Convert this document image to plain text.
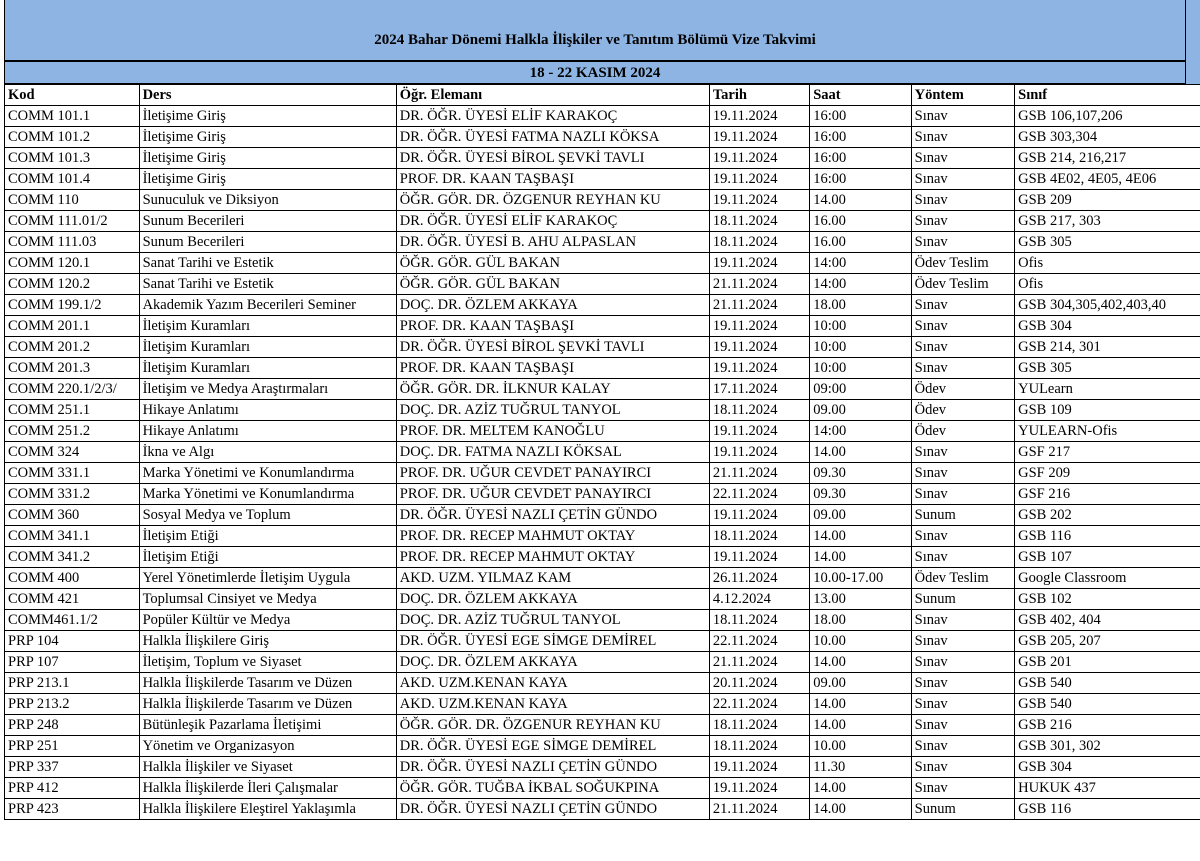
2024 Bahar Dönemi Halkla İlişkiler ve Tanıtım Bölümü Vize Takvimi
18 - 22 KASIM 2024
Kod	Ders	Öğr. Elemanı	Tarih	Saat	Yöntem	Sınıf
COMM 101.1	İletişime Giriş	DR. ÖĞR. ÜYESİ ELİF KARAKOÇ	19.11.2024	16:00	Sınav	GSB 106,107,206
COMM 101.2	İletişime Giriş	DR. ÖĞR. ÜYESİ FATMA NAZLI KÖKSA	19.11.2024	16:00	Sınav	GSB 303,304
COMM 101.3	İletişime Giriş	DR. ÖĞR. ÜYESİ BİROL ŞEVKİ TAVLI	19.11.2024	16:00	Sınav	GSB 214, 216,217
COMM 101.4	İletişime Giriş	PROF. DR. KAAN TAŞBAŞI	19.11.2024	16:00	Sınav	GSB 4E02, 4E05, 4E06
COMM 110	Sunuculuk ve Diksiyon	ÖĞR. GÖR. DR. ÖZGENUR REYHAN KU	19.11.2024	14.00	Sınav	GSB 209
COMM 111.01/2	Sunum Becerileri	DR. ÖĞR. ÜYESİ ELİF KARAKOÇ	18.11.2024	16.00	Sınav	GSB 217, 303
COMM 111.03	Sunum Becerileri	DR. ÖĞR. ÜYESİ B. AHU ALPASLAN	18.11.2024	16.00	Sınav	GSB 305
COMM 120.1	Sanat Tarihi ve Estetik	ÖĞR. GÖR. GÜL BAKAN	19.11.2024	14:00	Ödev Teslim	Ofis
COMM 120.2	Sanat Tarihi ve Estetik	ÖĞR. GÖR. GÜL BAKAN	21.11.2024	14:00	Ödev Teslim	Ofis
COMM 199.1/2	Akademik Yazım Becerileri Seminer	DOÇ. DR. ÖZLEM AKKAYA	21.11.2024	18.00	Sınav	GSB 304,305,402,403,40
COMM 201.1	İletişim Kuramları	PROF. DR. KAAN TAŞBAŞI	19.11.2024	10:00	Sınav	GSB 304
COMM 201.2	İletişim Kuramları	DR. ÖĞR. ÜYESİ BİROL ŞEVKİ TAVLI	19.11.2024	10:00	Sınav	GSB 214, 301
COMM 201.3	İletişim Kuramları	PROF. DR. KAAN TAŞBAŞI	19.11.2024	10:00	Sınav	GSB 305
COMM 220.1/2/3/	İletişim ve Medya Araştırmaları	ÖĞR. GÖR. DR. İLKNUR KALAY	17.11.2024	09:00	Ödev	YULearn
COMM 251.1	Hikaye Anlatımı	DOÇ. DR. AZİZ TUĞRUL TANYOL	18.11.2024	09.00	Ödev	GSB 109
COMM 251.2	Hikaye Anlatımı	PROF. DR. MELTEM KANOĞLU	19.11.2024	14:00	Ödev	YULEARN-Ofis
COMM 324	İkna ve Algı	DOÇ. DR. FATMA NAZLI KÖKSAL	19.11.2024	14.00	Sınav	GSF 217
COMM 331.1	Marka Yönetimi ve Konumlandırma	PROF. DR. UĞUR CEVDET PANAYIRCI	21.11.2024	09.30	Sınav	GSF 209
COMM 331.2	Marka Yönetimi ve Konumlandırma	PROF. DR. UĞUR CEVDET PANAYIRCI	22.11.2024	09.30	Sınav	GSF 216
COMM 360	Sosyal Medya ve Toplum	DR. ÖĞR. ÜYESİ NAZLI ÇETİN GÜNDO	19.11.2024	09.00	Sunum	GSB 202
COMM 341.1	İletişim Etiği	PROF. DR. RECEP MAHMUT OKTAY	18.11.2024	14.00	Sınav	GSB 116
COMM 341.2	İletişim Etiği	PROF. DR. RECEP MAHMUT OKTAY	19.11.2024	14.00	Sınav	GSB 107
COMM 400	Yerel Yönetimlerde İletişim Uygula	AKD. UZM. YILMAZ KAM	26.11.2024	10.00-17.00	Ödev Teslim	Google Classroom
COMM 421	Toplumsal Cinsiyet ve Medya	DOÇ. DR. ÖZLEM AKKAYA	4.12.2024	13.00	Sunum	GSB 102
COMM461.1/2	Popüler Kültür ve Medya	DOÇ. DR. AZİZ TUĞRUL TANYOL	18.11.2024	18.00	Sınav	GSB 402, 404
PRP 104	Halkla İlişkilere Giriş	DR. ÖĞR. ÜYESİ EGE SİMGE DEMİREL	22.11.2024	10.00	Sınav	GSB 205, 207
PRP 107	İletişim, Toplum ve Siyaset	DOÇ. DR. ÖZLEM AKKAYA	21.11.2024	14.00	Sınav	GSB 201
PRP 213.1	Halkla İlişkilerde Tasarım ve Düzen	AKD. UZM.KENAN KAYA	20.11.2024	09.00	Sınav	GSB 540
PRP 213.2	Halkla İlişkilerde Tasarım ve Düzen	AKD. UZM.KENAN KAYA	22.11.2024	14.00	Sınav	GSB 540
PRP 248	Bütünleşik Pazarlama İletişimi	ÖĞR. GÖR. DR. ÖZGENUR REYHAN KU	18.11.2024	14.00	Sınav	GSB 216
PRP 251	Yönetim ve Organizasyon	DR. ÖĞR. ÜYESİ EGE SİMGE DEMİREL	18.11.2024	10.00	Sınav	GSB 301, 302
PRP 337	Halkla İlişkiler ve Siyaset	DR. ÖĞR. ÜYESİ NAZLI ÇETİN GÜNDO	19.11.2024	11.30	Sınav	GSB 304
PRP 412	Halkla İlişkilerde İleri Çalışmalar	ÖĞR. GÖR. TUĞBA İKBAL SOĞUKPINA	19.11.2024	14.00	Sınav	HUKUK 437
PRP 423	Halkla İlişkilere Eleştirel Yaklaşımla	DR. ÖĞR. ÜYESİ NAZLI ÇETİN GÜNDO	21.11.2024	14.00	Sunum	GSB 116
